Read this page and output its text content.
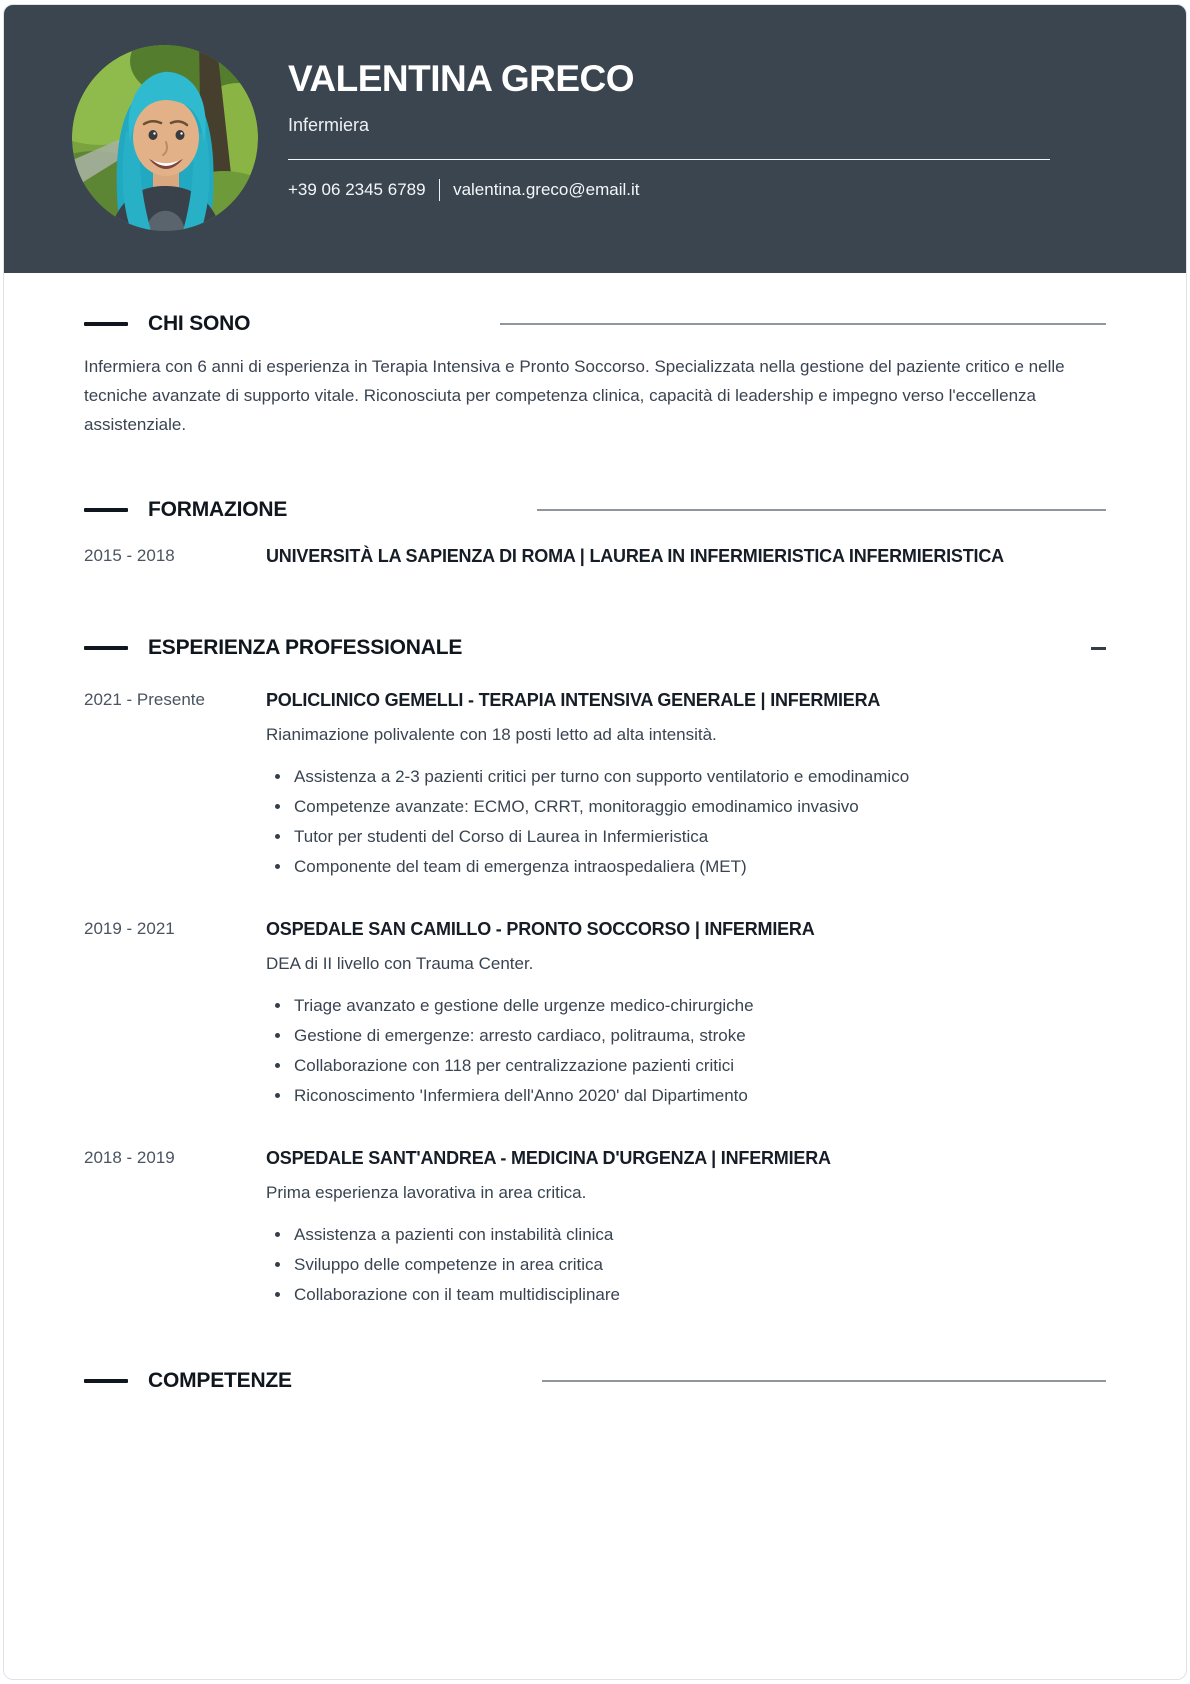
VALENTINA GRECO
Infermiera
+39 06 2345 6789 valentina.greco@email.it
CHI SONO

Infermiera con 6 anni di esperienza in Terapia Intensiva e Pronto Soccorso. Specializzata nella gestione del paziente critico e nelle tecniche avanzate di supporto vitale. Riconosciuta per competenza clinica, capacità di leadership e impegno verso l'eccellenza assistenziale.

FORMAZIONE
2015 - 2018	UNIVERSITÀ LA SAPIENZA DI ROMA | LAUREA IN INFERMIERISTICA INFERMIERISTICA
ESPERIENZA PROFESSIONALE
2021 - Presente	POLICLINICO GEMELLI - TERAPIA INTENSIVA GENERALE | INFERMIERA
Rianimazione polivalente con 18 posti letto ad alta intensità.
Assistenza a 2-3 pazienti critici per turno con supporto ventilatorio e emodinamico
Competenze avanzate: ECMO, CRRT, monitoraggio emodinamico invasivo
Tutor per studenti del Corso di Laurea in Infermieristica
Componente del team di emergenza intraospedaliera (MET)
2019 - 2021	OSPEDALE SAN CAMILLO - PRONTO SOCCORSO | INFERMIERA
DEA di II livello con Trauma Center.
Triage avanzato e gestione delle urgenze medico-chirurgiche
Gestione di emergenze: arresto cardiaco, politrauma, stroke
Collaborazione con 118 per centralizzazione pazienti critici
Riconoscimento 'Infermiera dell'Anno 2020' dal Dipartimento
2018 - 2019	OSPEDALE SANT'ANDREA - MEDICINA D'URGENZA | INFERMIERA
Prima esperienza lavorativa in area critica.
Assistenza a pazienti con instabilità clinica
Sviluppo delle competenze in area critica
Collaborazione con il team multidisciplinare
COMPETENZE
